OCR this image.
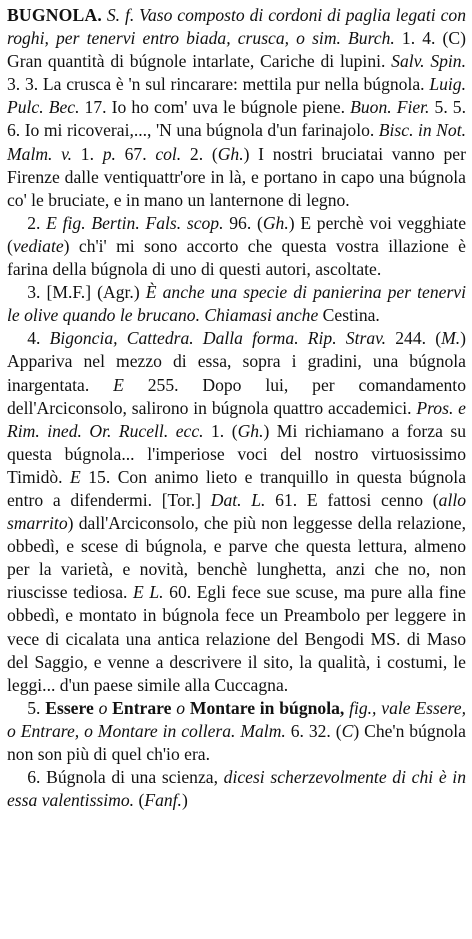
BUGNOLA. S. f. Vaso composto di cordoni di paglia legati con roghi, per tenervi entro biada, crusca, o sim. Burch. 1. 4. (C) Gran quantità di búgnole intarlate, Cariche di lupini. Salv. Spin. 3. 3. La crusca è 'n sul rincarare: mettila pur nella búgnola. Luig. Pulc. Bec. 17. Io ho com' uva le búgnole piene. Buon. Fier. 5. 5. 6. Io mi ricoverai,..., 'N una búgnola d'un farinajolo. Bisc. in Not. Malm. v. 1. p. 67. col. 2. (Gh.) I nostri bruciatai vanno per Firenze dalle ventiquattr'ore in là, e portano in capo una búgnola co' le bruciate, e in mano un lanternone di legno.

2. E fig. Bertin. Fals. scop. 96. (Gh.) E perchè voi vegghiate (vediate) ch'i' mi sono accorto che questa vostra illazione è farina della búgnola di uno di questi autori, ascoltate.

3. [M.F.] (Agr.) È anche una specie di panierina per tenervi le olive quando le brucano. Chiamasi anche Cestina.

4. Bigoncia, Cattedra. Dalla forma. Rip. Strav. 244. (M.) Appariva nel mezzo di essa, sopra i gradini, una búgnola inargentata. E 255. Dopo lui, per comandamento dell'Arciconsolo, salirono in búgnola quattro accademici. Pros. e Rim. ined. Or. Rucell. ecc. 1. (Gh.) Mi richiamano a forza su questa búgnola... l'imperiose voci del nostro virtuosissimo Timidò. E 15. Con animo lieto e tranquillo in questa búgnola entro a difendermi. [Tor.] Dat. L. 61. E fattosi cenno (allo smarrito) dall'Arciconsolo, che più non leggesse della relazione, obbedì, e scese di búgnola, e parve che questa lettura, almeno per la varietà, e novità, benchè lunghetta, anzi che no, non riuscisse tediosa. E L. 60. Egli fece sue scuse, ma pure alla fine obbedì, e montato in búgnola fece un Preambolo per leggere in vece di cicalata una antica relazione del Bengodi MS. di Maso del Saggio, e venne a descrivere il sito, la qualità, i costumi, le leggi... d'un paese simile alla Cuccagna.

5. Essere o Entrare o Montare in búgnola, fig., vale Essere, o Entrare, o Montare in collera. Malm. 6. 32. (C) Che'n búgnola non son più di quel ch'io era.

6. Búgnola di una scienza, dicesi scherzevolmente di chi è in essa valentissimo. (Fanf.)
